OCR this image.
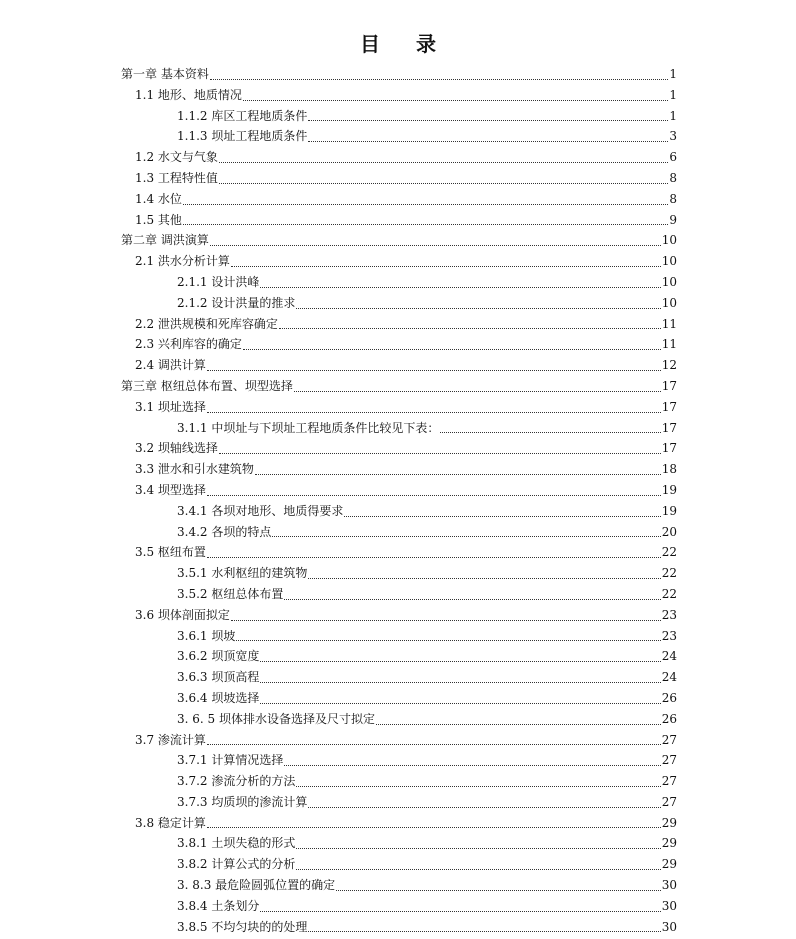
目录
第一章 基本资料	1
1.1 地形、地质情况	1
1.1.2 库区工程地质条件	1
1.1.3 坝址工程地质条件	3
1.2 水文与气象	6
1.3 工程特性值	8
1.4 水位	8
1.5 其他	9
第二章 调洪演算	10
2.1 洪水分析计算	10
2.1.1 设计洪峰	10
2.1.2 设计洪量的推求	10
2.2 泄洪规模和死库容确定	11
2.3 兴利库容的确定	11
2.4 调洪计算	12
第三章 枢纽总体布置、坝型选择	17
3.1 坝址选择	17
3.1.1 中坝址与下坝址工程地质条件比较见下表：	17
3.2 坝轴线选择	17
3.3 泄水和引水建筑物	18
3.4 坝型选择	19
3.4.1 各坝对地形、地质得要求	19
3.4.2 各坝的特点	20
3.5 枢纽布置	22
3.5.1 水利枢纽的建筑物	22
3.5.2 枢纽总体布置	22
3.6 坝体剖面拟定	23
3.6.1 坝坡	23
3.6.2 坝顶宽度	24
3.6.3 坝顶高程	24
3.6.4 坝坡选择	26
3. 6. 5 坝体排水设备选择及尺寸拟定	26
3.7 渗流计算	27
3.7.1 计算情况选择	27
3.7.2 渗流分析的方法	27
3.7.3 均质坝的渗流计算	27
3.8 稳定计算	29
3.8.1 土坝失稳的形式	29
3.8.2 计算公式的分析	29
3. 8.3 最危险圆弧位置的确定	30
3.8.4 土条划分	30
3.8.5 不均匀块的的处理	30
